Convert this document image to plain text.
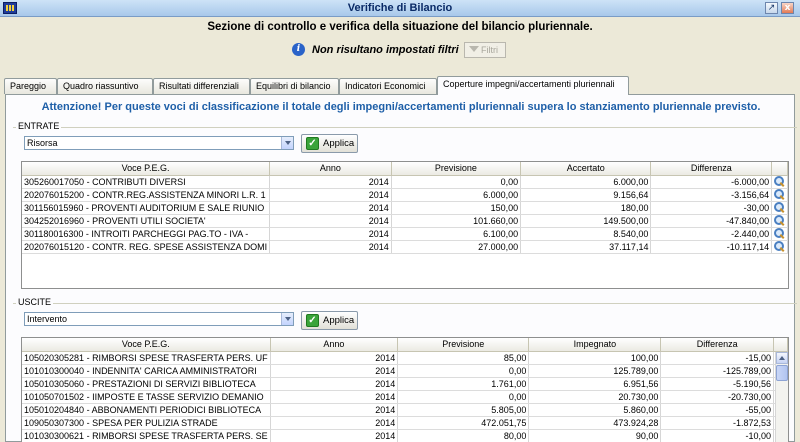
Verifiche di Bilancio	↗	x
Sezione di controllo e verifica della situazione del bilancio pluriennale.
i	Non risultano impostati filtri	Filtri
Pareggio	Quadro riassuntivo	Risultati differenziali	Equilibri di bilancio	Indicatori Economici	Coperture impegni/accertamenti pluriennali
Attenzione! Per queste voci di classificazione il totale degli impegni/accertamenti pluriennali supera lo stanziamento pluriennale previsto.
ENTRATE
Risorsa	✓ Applica
Voce P.E.G.	Anno	Previsione	Accertato	Differenza	
305260017050 - CONTRIBUTI DIVERSI	2014	0,00	6.000,00	-6.000,00	
202076015200 - CONTR.REG.ASSISTENZA MINORI L.R. 1	2014	6.000,00	9.156,64	-3.156,64	
301156015960 - PROVENTI AUDITORIUM E SALE RIUNIO	2014	150,00	180,00	-30,00	
304252016960 - PROVENTI UTILI SOCIETA'	2014	101.660,00	149.500,00	-47.840,00	
301180016300 - INTROITI PARCHEGGI PAG.TO - IVA -	2014	6.100,00	8.540,00	-2.440,00	
202076015120 - CONTR. REG. SPESE ASSISTENZA DOMI	2014	27.000,00	37.117,14	-10.117,14	
USCITE
Intervento	✓ Applica
Voce P.E.G.	Anno	Previsione	Impegnato	Differenza	
105020305281 - RIMBORSI SPESE TRASFERTA PERS. UF	2014	85,00	100,00	-15,00	
101010300040 - INDENNITA' CARICA AMMINISTRATORI	2014	0,00	125.789,00	-125.789,00	
105010305060 - PRESTAZIONI DI SERVIZI BIBLIOTECA	2014	1.761,00	6.951,56	-5.190,56	
101050701502 - IIMPOSTE E TASSE SERVIZIO DEMANIO	2014	0,00	20.730,00	-20.730,00	
105010204840 - ABBONAMENTI PERIODICI BIBLIOTECA	2014	5.805,00	5.860,00	-55,00	
109050307300 - SPESA PER PULIZIA STRADE	2014	472.051,75	473.924,28	-1.872,53	
101030300621 - RIMBORSI SPESE TRASFERTA PERS. SE	2014	80,00	90,00	-10,00	
